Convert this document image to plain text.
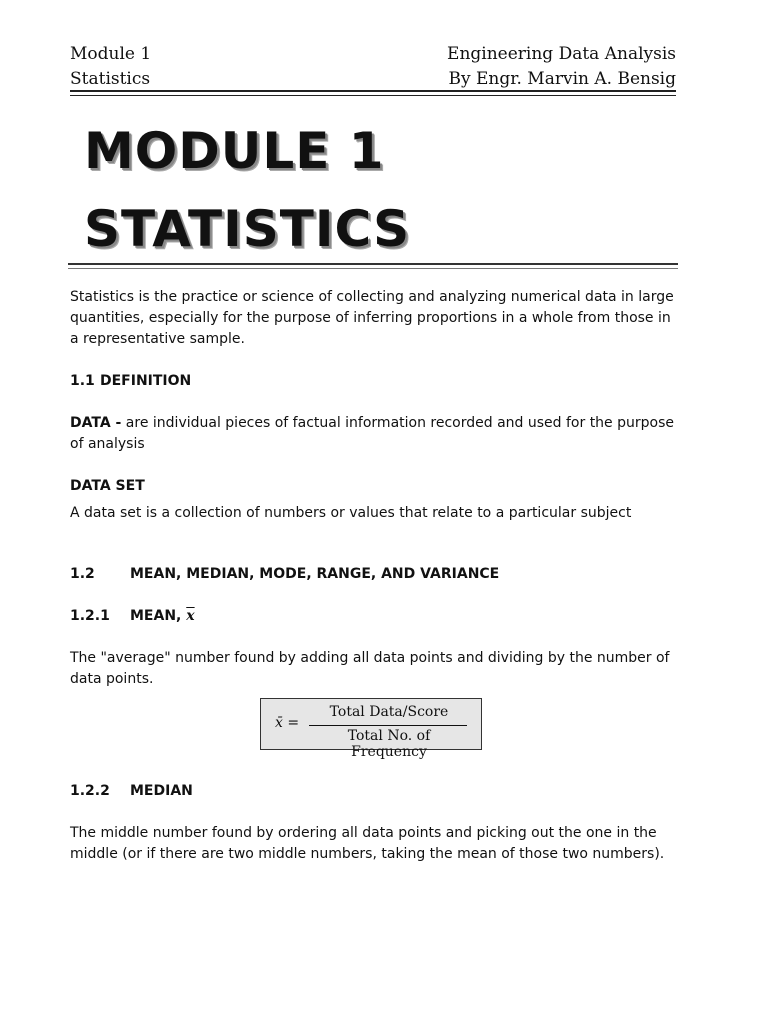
Module 1	Engineering Data Analysis
Statistics	By Engr. Marvin A. Bensig
MODULE 1
STATISTICS

Statistics is the practice or science of collecting and analyzing numerical data in large quantities, especially for the purpose of inferring proportions in a whole from those in a representative sample.

1.1 DEFINITION

DATA - are individual pieces of factual information recorded and used for the purpose of analysis

DATA SET

A data set is a collection of numbers or values that relate to a particular subject

1.2	MEAN, MEDIAN, MODE, RANGE, AND VARIANCE

1.2.1 MEAN, $\overline{x}$

The "average" number found by adding all data points and dividing by the number of data points.

x̄ =
Total Data/Score
Total No. of Frequency

1.2.2 MEDIAN

The middle number found by ordering all data points and picking out the one in the middle (or if there are two middle numbers, taking the mean of those two numbers).
